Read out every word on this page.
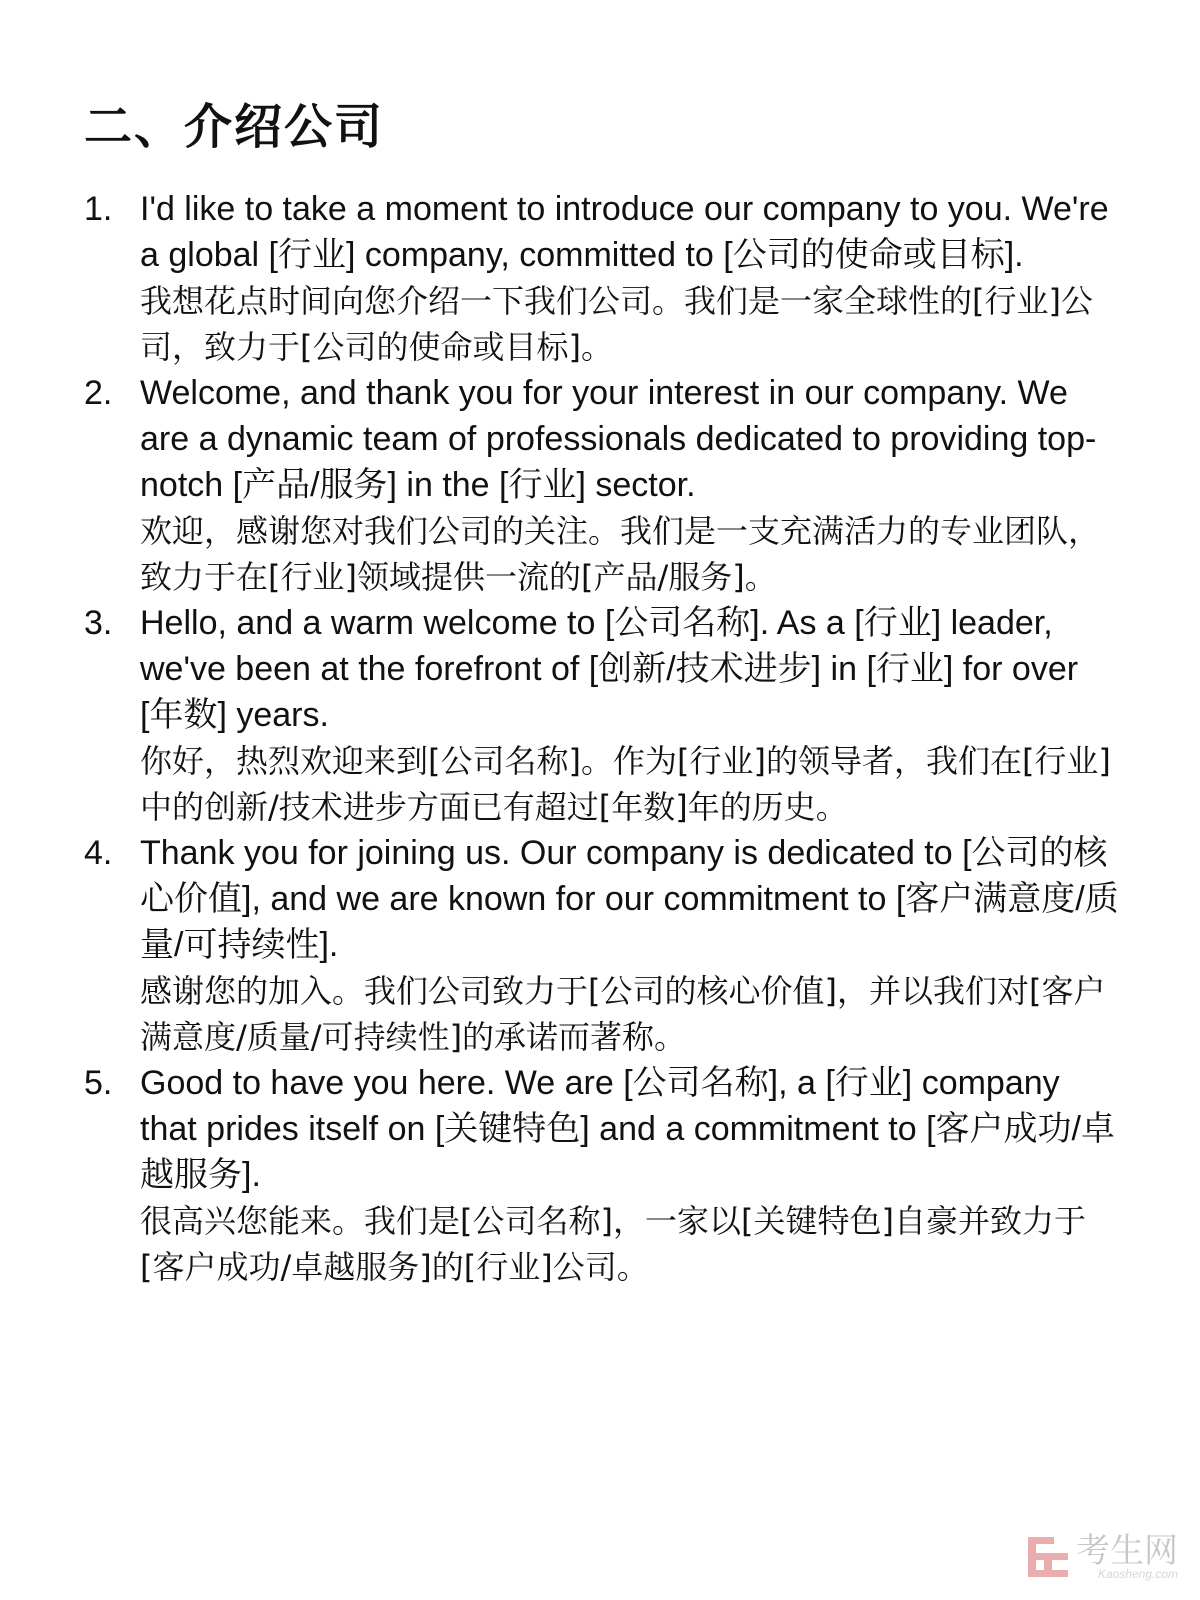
二、介绍公司
1. I'd like to take a moment to introduce our company to you. We're a global [行业] company, committed to [公司的使命或目标].

我想花点时间向您介绍一下我们公司。我们是一家全球性的[行业]公司，致力于[公司的使命或目标]。

2. Welcome, and thank you for your interest in our company. We are a dynamic team of professionals dedicated to providing top-notch [产品/服务] in the [行业] sector.

欢迎，感谢您对我们公司的关注。我们是一支充满活力的专业团队，致力于在[行业]领域提供一流的[产品/服务]。

3. Hello, and a warm welcome to [公司名称]. As a [行业] leader, we've been at the forefront of [创新/技术进步] in [行业] for over [年数] years.

你好，热烈欢迎来到[公司名称]。作为[行业]的领导者，我们在[行业]中的创新/技术进步方面已有超过[年数]年的历史。

4. Thank you for joining us. Our company is dedicated to [公司的核心价值], and we are known for our commitment to [客户满意度/质量/可持续性].

感谢您的加入。我们公司致力于[公司的核心价值]，并以我们对[客户满意度/质量/可持续性]的承诺而著称。

5. Good to have you here. We are [公司名称], a [行业] company that prides itself on [关键特色] and a commitment to [客户成功/卓越服务].

很高兴您能来。我们是[公司名称]，一家以[关键特色]自豪并致力于[客户成功/卓越服务]的[行业]公司。

考生网
Kaosheng.com
